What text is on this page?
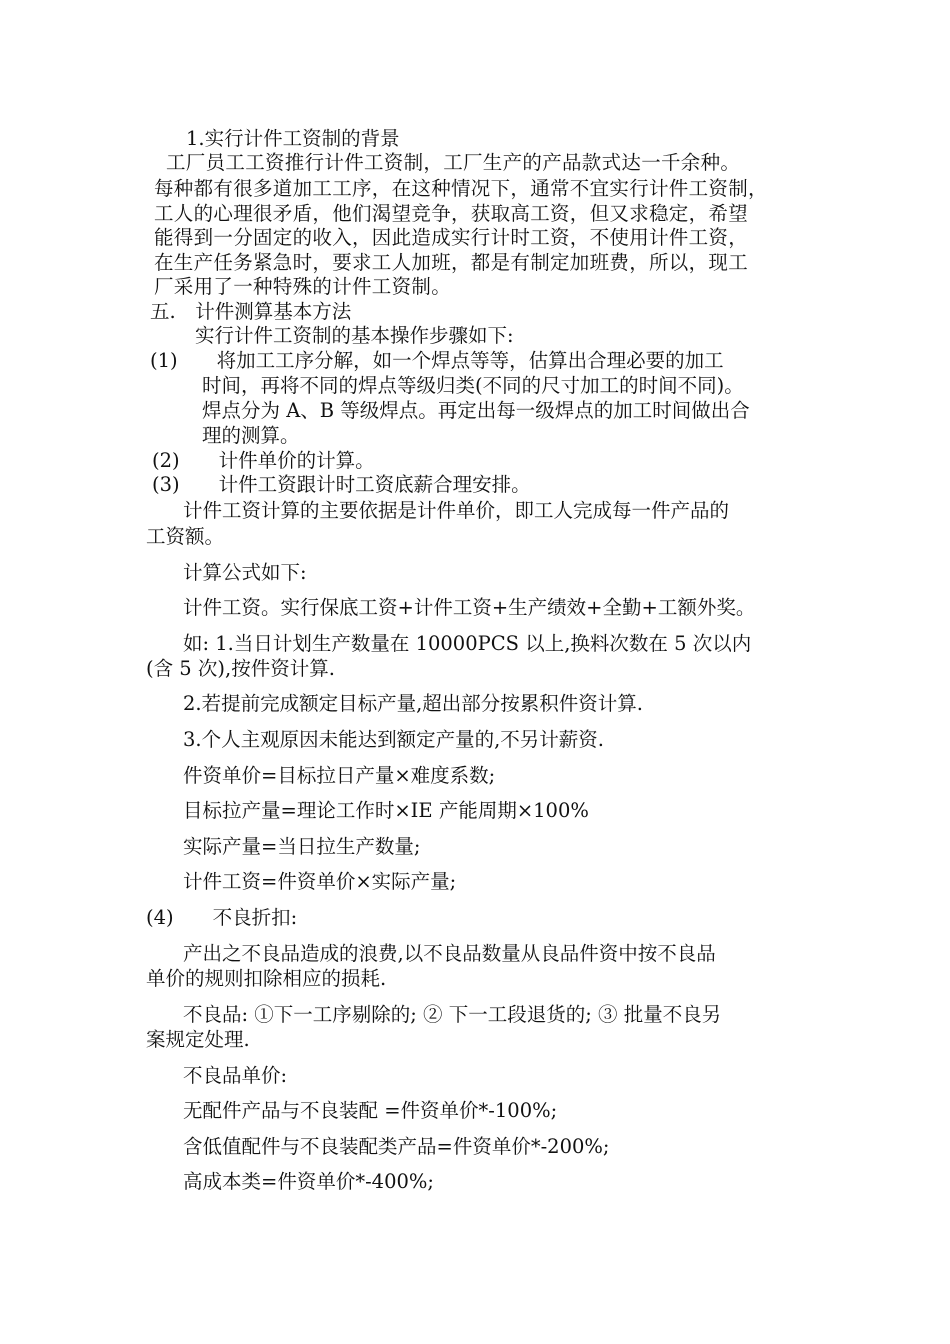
1.实行计件工资制的背景
工厂员工工资推行计件工资制，工厂生产的产品款式达一千余种。
每种都有很多道加工工序，在这种情况下，通常不宜实行计件工资制，
工人的心理很矛盾，他们渴望竞争，获取高工资，但又求稳定，希望
能得到一分固定的收入，因此造成实行计时工资，不使用计件工资，
在生产任务紧急时，要求工人加班，都是有制定加班费，所以，现工
厂采用了一种特殊的计件工资制。
五.　计件测算基本方法
实行计件工资制的基本操作步骤如下:
(1)　　将加工工序分解，如一个焊点等等，估算出合理必要的加工
时间，再将不同的焊点等级归类(不同的尺寸加工的时间不同)。
焊点分为 A、B 等级焊点。再定出每一级焊点的加工时间做出合
理的测算。
(2)　　计件单价的计算。
(3)　　计件工资跟计时工资底薪合理安排。
计件工资计算的主要依据是计件单价，即工人完成每一件产品的
工资额。
计算公式如下:
计件工资。实行保底工资+计件工资+生产绩效+全勤+工额外奖。
如: 1.当日计划生产数量在 10000PCS 以上,换料次数在 5 次以内
(含 5 次),按件资计算.
2.若提前完成额定目标产量,超出部分按累积件资计算.
3.个人主观原因未能达到额定产量的,不另计薪资.
件资单价=目标拉日产量×难度系数;
目标拉产量=理论工作时×IE 产能周期×100%
实际产量=当日拉生产数量;
计件工资=件资单价×实际产量;
(4)　　不良折扣:
产出之不良品造成的浪费,以不良品数量从良品件资中按不良品
单价的规则扣除相应的损耗.
不良品: ①下一工序剔除的; ② 下一工段退货的; ③ 批量不良另
案规定处理.
不良品单价:
无配件产品与不良装配 =件资单价*-100%;
含低值配件与不良装配类产品=件资单价*-200%;
高成本类=件资单价*-400%;
